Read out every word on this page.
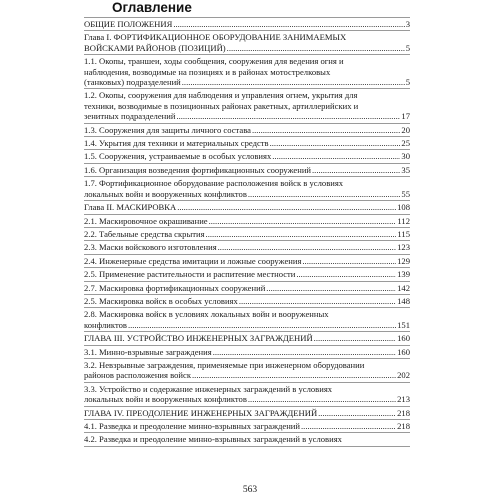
Оглавление
ОБЩИЕ ПОЛОЖЕНИЯ .....	3
Глава I. ФОРТИФИКАЦИОННОЕ ОБОРУДОВАНИЕ ЗАНИМАЕМЫХ
ВОЙСКАМИ РАЙОНОВ (ПОЗИЦИЙ) .....	5
1.1. Окопы, траншеи, ходы сообщения, сооружения для ведения огня и
наблюдения, возводимые на позициях и в районах мотострелковых
(танковых) подразделений .....	5
1.2. Окопы, сооружения для наблюдения и управления огнем, укрытия для
техники, возводимые в позиционных районах ракетных, артиллерийских и
зенитных подразделений .....	17
1.3. Сооружения для защиты личного состава .....	20
1.4. Укрытия для техники и материальных средств .....	25
1.5. Сооружения, устраиваемые в особых условиях .....	30
1.6. Организация возведения фортификационных сооружений .....	35
1.7. Фортификационное оборудование расположения войск в условиях
локальных войн и вооруженных конфликтов .....	55
Глава II. МАСКИРОВКА .....	108
2.1. Маскировочное окрашивание .....	112
2.2. Табельные средства скрытия .....	115
2.3. Маски войскового изготовления .....	123
2.4. Инженерные средства имитации и ложные сооружения .....	129
2.5. Применение растительности и распитение местности .....	139
2.7. Маскировка фортификационных сооружений .....	142
2.5. Маскировка войск в особых условиях .....	148
2.8. Маскировка войск в условиях локальных войн и вооруженных
конфликтов .....	151
ГЛАВА III. УСТРОЙСТВО ИНЖЕНЕРНЫХ ЗАГРАЖДЕНИЙ .....	160
3.1. Минно-взрывные заграждения .....	160
3.2. Невзрывные заграждения, применяемые при инженерном оборудовании
районов расположения войск .....	202
3.3. Устройство и содержание инженерных заграждений в условиях
локальных войн и вооруженных конфликтов .....	213
ГЛАВА IV. ПРЕОДОЛЕНИЕ ИНЖЕНЕРНЫХ ЗАГРАЖДЕНИЙ .....	218
4.1. Разведка и преодоление минно-взрывных заграждений .....	218
4.2. Разведка и преодоление минно-взрывных заграждений в условиях
563
